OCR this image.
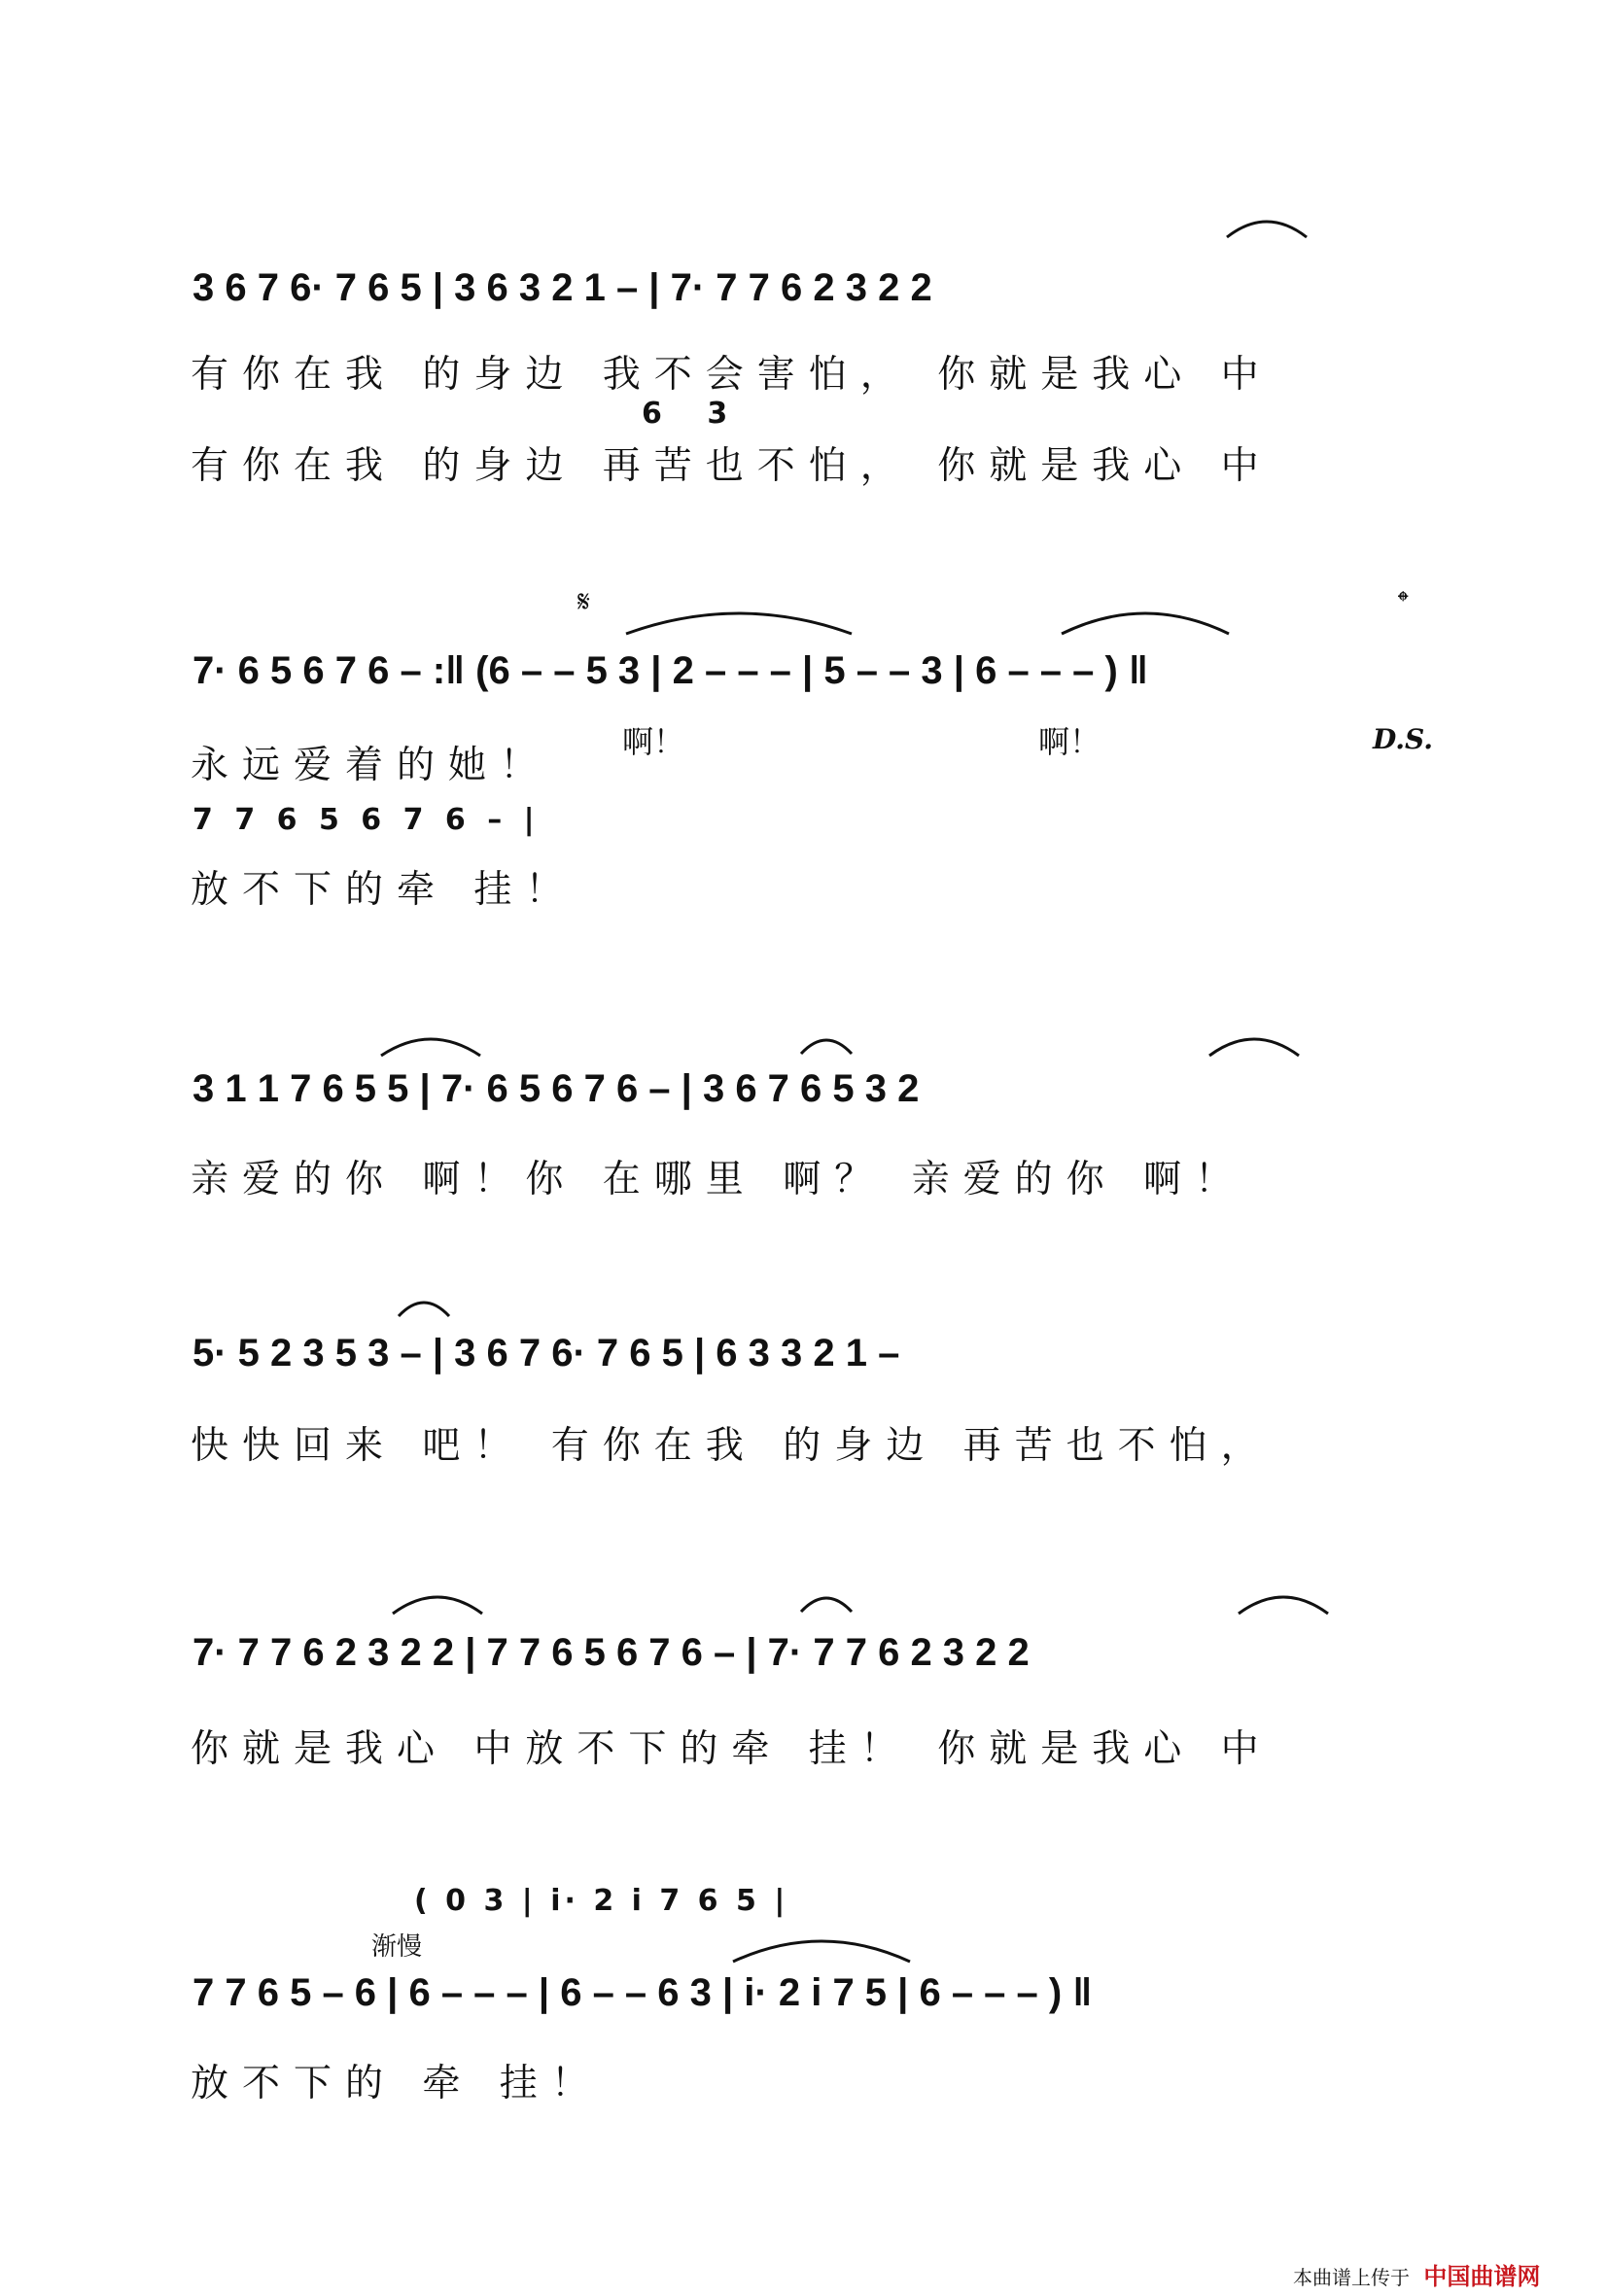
3 6 7 6· 7 6 5 | 3 6 3 2 1 – | 7· 7 7 6 2 3 2 2
有你在我 的身边 我不会害怕， 你就是我心 中
6 3
有你在我 的身边 再苦也不怕， 你就是我心 中
𝄋	𝄌
7· 6 5 6 7 6 – :‖ (6 – – 5 3 | 2 – – – | 5 – – 3 | 6 – – – ) ‖
啊！	啊！	D.S.
永远爱着的她！
7 7 6 5 6 7 6 – |
放不下的牵 挂！
3 1 1 7 6 5 5 | 7· 6 5 6 7 6 – | 3 6 7 6 5 3 2
亲爱的你 啊！你 在哪里 啊？ 亲爱的你 啊！
5· 5 2 3 5 3 – | 3 6 7 6· 7 6 5 | 6 3 3 2 1 –
快快回来 吧！ 有你在我 的身边 再苦也不怕，
7· 7 7 6 2 3 2 2 | 7 7 6 5 6 7 6 – | 7· 7 7 6 2 3 2 2
你就是我心 中放不下的牵 挂！ 你就是我心 中
( 0 3 | i· 2 i 7 6 5 |
渐慢
7 7 6 5 – 6 | 6 – – – | 6 – – 6 3 | i· 2 i 7 5 | 6 – – – ) ‖
放不下的 牵 挂！
本曲谱上传于 中国曲谱网
